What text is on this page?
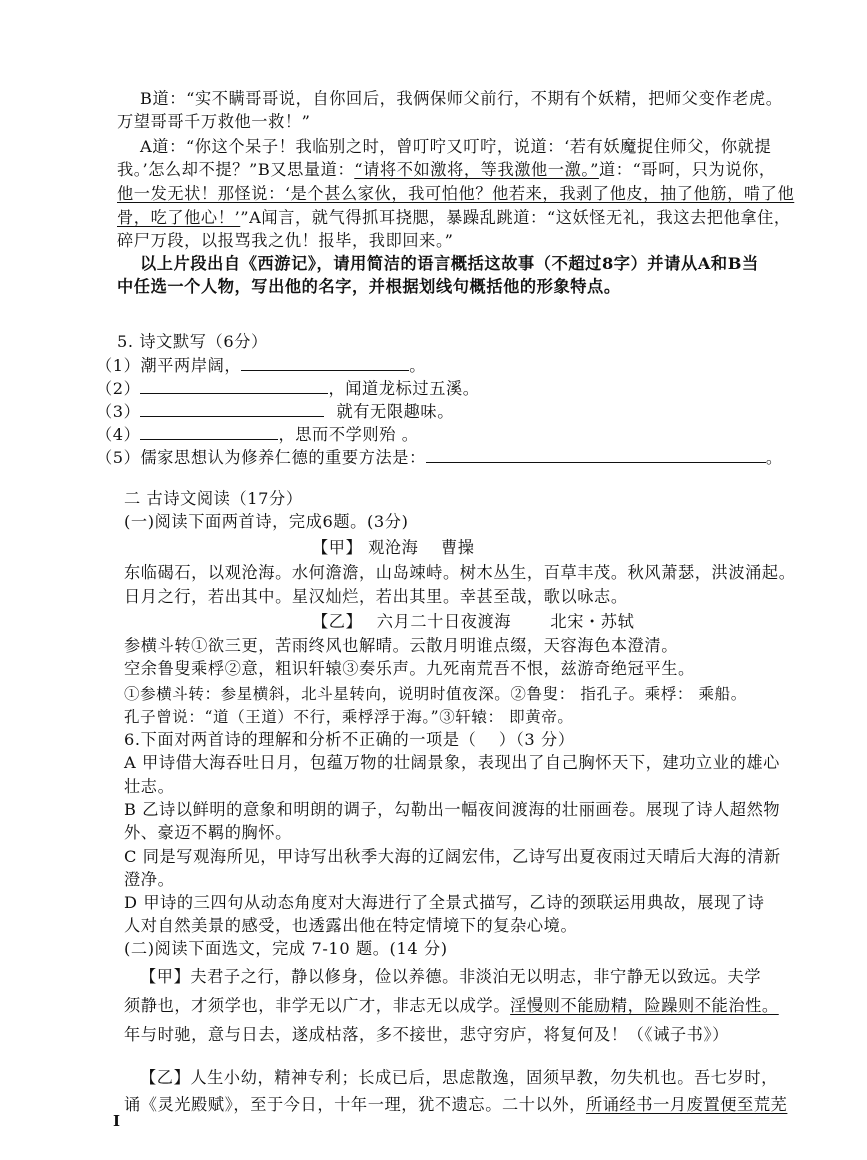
B道：“实不瞒哥哥说，自你回后，我俩保师父前行，不期有个妖精，把师父变作老虎。
万望哥哥千万救他一救！”
A道：“你这个呆子！我临别之时，曾叮咛又叮咛，说道：‘若有妖魔捉住师父，你就提
我。’怎么却不提？”B又思量道：“请将不如激将，等我激他一激。”道：“哥呵，只为说你，
他一发无状！那怪说：‘是个甚么家伙，我可怕他？他若来，我剥了他皮，抽了他筋，啃了他
骨，吃了他心！’”A闻言，就气得抓耳挠腮，暴躁乱跳道：“这妖怪无礼，我这去把他拿住，
碎尸万段，以报骂我之仇！报毕，我即回来。”
以上片段出自《西游记》，请用简洁的语言概括这故事（不超过8字）并请从A和B当
中任选一个人物，写出他的名字，并根据划线句概括他的形象特点。
5. 诗文默写（6分）
（1）潮平两岸阔，	。
（2）	，闻道龙标过五溪。
（3）	就有无限趣味。
（4）	，思而不学则殆 。
（5）儒家思想认为修养仁德的重要方法是：	。
二 古诗文阅读（17分）
(一)阅读下面两首诗，完成6题。(3分)
【甲】 观沧海　 曹操
东临碣石，以观沧海。水何澹澹，山岛竦峙。树木丛生，百草丰茂。秋风萧瑟，洪波涌起。
日月之行，若出其中。星汉灿烂，若出其里。幸甚至哉，歌以咏志。
【乙】　 六月二十日夜渡海　　 北宋・苏轼
参横斗转①欲三更，苦雨终风也解晴。云散月明谁点缀，天容海色本澄清。
空余鲁叟乘桴②意，粗识轩辕③奏乐声。九死南荒吾不恨，兹游奇绝冠平生。
①参横斗转：参星横斜，北斗星转向，说明时值夜深。②鲁叟： 指孔子。乘桴： 乘船。
孔子曾说：“道（王道）不行，乘桴浮于海。”③轩辕： 即黄帝。
6.下面对两首诗的理解和分析不正确的一项是（　 ）（3 分）
A 甲诗借大海吞吐日月，包蕴万物的壮阔景象，表现出了自己胸怀天下，建功立业的雄心
壮志。
B 乙诗以鲜明的意象和明朗的调子，勾勒出一幅夜间渡海的壮丽画卷。展现了诗人超然物
外、豪迈不羁的胸怀。
C 同是写观海所见，甲诗写出秋季大海的辽阔宏伟，乙诗写出夏夜雨过天晴后大海的清新
澄净。
D 甲诗的三四句从动态角度对大海进行了全景式描写，乙诗的颈联运用典故，展现了诗
人对自然美景的感受，也透露出他在特定情境下的复杂心境。
(二)阅读下面选文，完成 7-10 题。(14 分)
【甲】夫君子之行，静以修身，俭以养德。非淡泊无以明志，非宁静无以致远。夫学
须静也，才须学也，非学无以广才，非志无以成学。淫慢则不能励精，险躁则不能治性。
年与时驰，意与日去，遂成枯落，多不接世，悲守穷庐，将复何及！（《诫子书》）
【乙】人生小幼，精神专利；长成已后，思虑散逸，固须早教，勿失机也。吾七岁时，
诵《灵光殿赋》，至于今日，十年一理，犹不遗忘。二十以外，所诵经书一月废置便至荒芜
I
